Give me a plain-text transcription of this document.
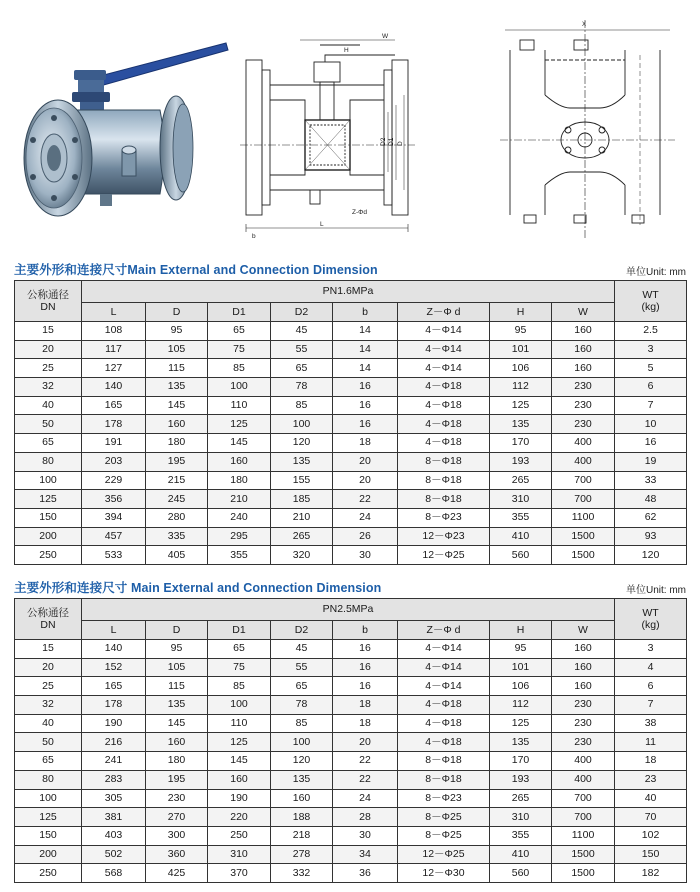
W
H
D2 D1 D
Z-Φd
L
b
X
主要外形和连接尺寸Main External and Connection Dimension	单位Unit: mm
公称通径
DN	PN1.6MPa								WT
(kg)
	L	D	D1	D2	b	Z－Φ d	H	W	
15	108	95	65	45	14	4－Φ14	95	160	2.5
20	117	105	75	55	14	4－Φ14	101	160	3
25	127	115	85	65	14	4－Φ14	106	160	5
32	140	135	100	78	16	4－Φ18	112	230	6
40	165	145	110	85	16	4－Φ18	125	230	7
50	178	160	125	100	16	4－Φ18	135	230	10
65	191	180	145	120	18	4－Φ18	170	400	16
80	203	195	160	135	20	8－Φ18	193	400	19
100	229	215	180	155	20	8－Φ18	265	700	33
125	356	245	210	185	22	8－Φ18	310	700	48
150	394	280	240	210	24	8－Φ23	355	1100	62
200	457	335	295	265	26	12－Φ23	410	1500	93
250	533	405	355	320	30	12－Φ25	560	1500	120
主要外形和连接尺寸 Main External and Connection Dimension	单位Unit: mm
公称通径
DN	PN2.5MPa								WT
(kg)
	L	D	D1	D2	b	Z－Φ d	H	W	
15	140	95	65	45	16	4－Φ14	95	160	3
20	152	105	75	55	16	4－Φ14	101	160	4
25	165	115	85	65	16	4－Φ14	106	160	6
32	178	135	100	78	18	4－Φ18	112	230	7
40	190	145	110	85	18	4－Φ18	125	230	38
50	216	160	125	100	20	4－Φ18	135	230	11
65	241	180	145	120	22	8－Φ18	170	400	18
80	283	195	160	135	22	8－Φ18	193	400	23
100	305	230	190	160	24	8－Φ23	265	700	40
125	381	270	220	188	28	8－Φ25	310	700	70
150	403	300	250	218	30	8－Φ25	355	1100	102
200	502	360	310	278	34	12－Φ25	410	1500	150
250	568	425	370	332	36	12－Φ30	560	1500	182
